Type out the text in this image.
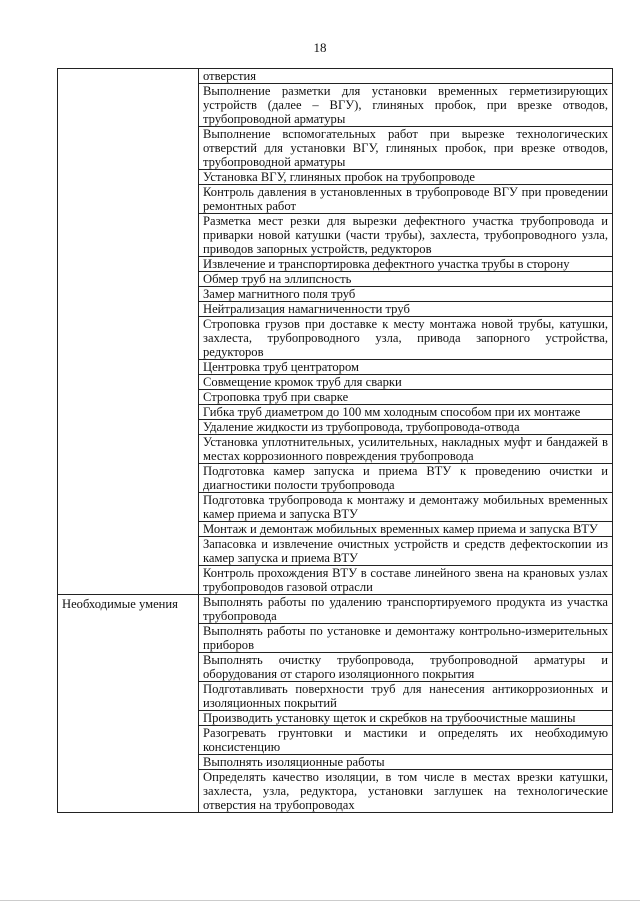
18
	отверстия
	Выполнение разметки для установки временных герметизирующих устройств (далее – ВГУ), глиняных пробок, при врезке отводов, трубопроводной арматуры
	Выполнение вспомогательных работ при вырезке технологических отверстий для установки ВГУ, глиняных пробок, при врезке отводов, трубопроводной арматуры
	Установка ВГУ, глиняных пробок на трубопроводе
	Контроль давления в установленных в трубопроводе ВГУ при проведении ремонтных работ
	Разметка мест резки для вырезки дефектного участка трубопровода и приварки новой катушки (части трубы), захлеста, трубопроводного узла, приводов запорных устройств, редукторов
	Извлечение и транспортировка дефектного участка трубы в сторону
	Обмер труб на эллипсность
	Замер магнитного поля труб
	Нейтрализация намагниченности труб
	Строповка грузов при доставке к месту монтажа новой трубы, катушки, захлеста, трубопроводного узла, привода запорного устройства, редукторов
	Центровка труб центратором
	Совмещение кромок труб для сварки
	Строповка труб при сварке
	Гибка труб диаметром до 100 мм холодным способом при их монтаже
	Удаление жидкости из трубопровода, трубопровода-отвода
	Установка уплотнительных, усилительных, накладных муфт и бандажей в местах коррозионного повреждения трубопровода
	Подготовка камер запуска и приема ВТУ к проведению очистки и диагностики полости трубопровода
	Подготовка трубопровода к монтажу и демонтажу мобильных временных камер приема и запуска ВТУ
	Монтаж и демонтаж мобильных временных камер приема и запуска ВТУ
	Запасовка и извлечение очистных устройств и средств дефектоскопии из камер запуска и приема ВТУ
	Контроль прохождения ВТУ в составе линейного звена на крановых узлах трубопроводов газовой отрасли
Необходимые умения	Выполнять работы по удалению транспортируемого продукта из участка трубопровода
	Выполнять работы по установке и демонтажу контрольно-измерительных приборов
	Выполнять очистку трубопровода, трубопроводной арматуры и оборудования от старого изоляционного покрытия
	Подготавливать поверхности труб для нанесения антикоррозионных и изоляционных покрытий
	Производить установку щеток и скребков на трубоочистные машины
	Разогревать грунтовки и мастики и определять их необходимую консистенцию
	Выполнять изоляционные работы
	Определять качество изоляции, в том числе в местах врезки катушки, захлеста, узла, редуктора, установки заглушек на технологические отверстия на трубопроводах
